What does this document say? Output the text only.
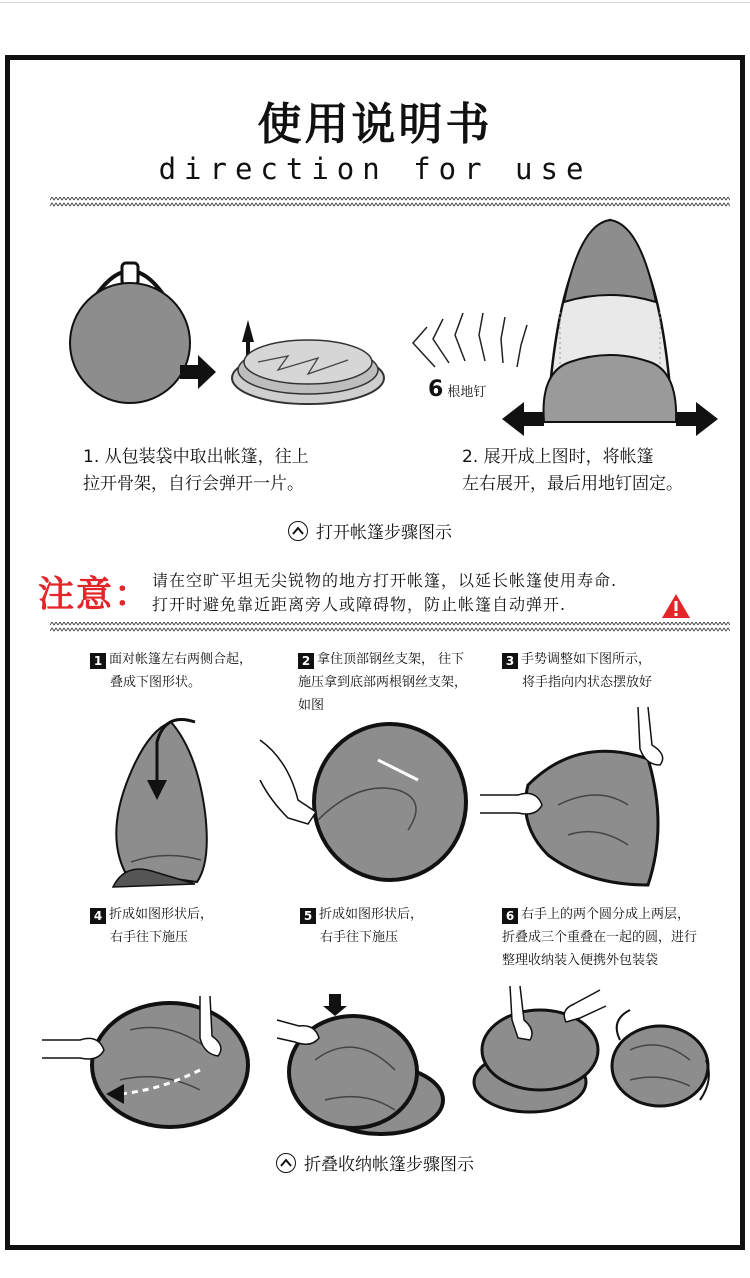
使用说明书
direction for use
6 根地钉
1. 从包装袋中取出帐篷，往上
拉开骨架，自行会弹开一片。
2. 展开成上图时，将帐篷
左右展开，最后用地钉固定。
打开帐篷步骤图示
注意： 请在空旷平坦无尖锐物的地方打开帐篷，以延长帐篷使用寿命.
打开时避免靠近距离旁人或障碍物，防止帐篷自动弹开.
1 面对帐篷左右两侧合起，
叠成下图形状。
2 拿住顶部钢丝支架， 往下
施压拿到底部两根钢丝支架，
如图
3 手势调整如下图所示，
将手指向内状态摆放好
4 折成如图形状后，
右手往下施压
5 折成如图形状后，
右手往下施压
6 右手上的两个圆分成上两层，
折叠成三个重叠在一起的圆，进行
整理收纳装入便携外包装袋
折叠收纳帐篷步骤图示
